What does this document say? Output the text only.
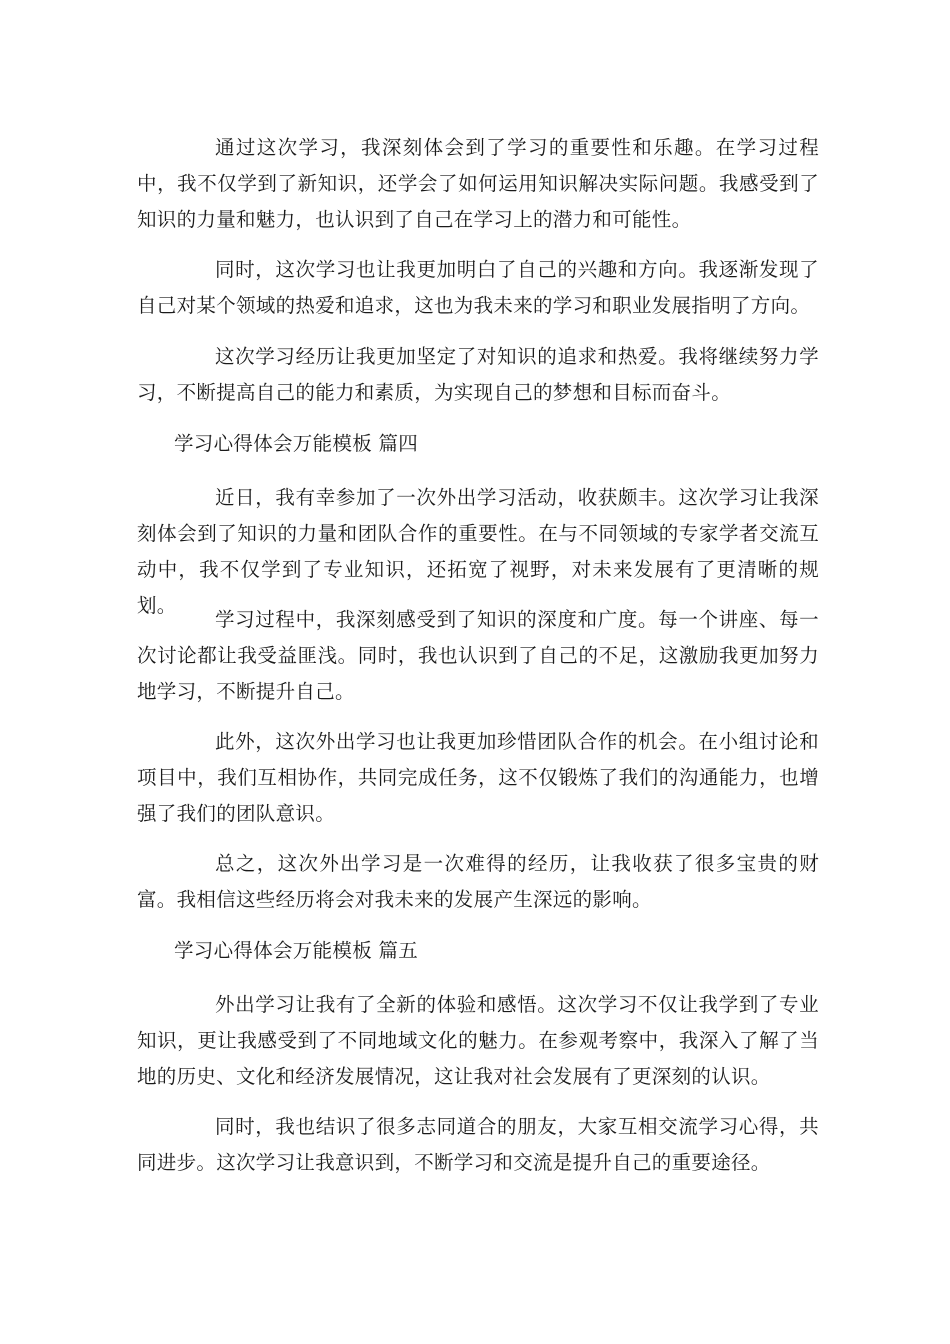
通过这次学习，我深刻体会到了学习的重要性和乐趣。在学习过程中，我不仅学到了新知识，还学会了如何运用知识解决实际问题。我感受到了知识的力量和魅力，也认识到了自己在学习上的潜力和可能性。

同时，这次学习也让我更加明白了自己的兴趣和方向。我逐渐发现了自己对某个领域的热爱和追求，这也为我未来的学习和职业发展指明了方向。

这次学习经历让我更加坚定了对知识的追求和热爱。我将继续努力学习，不断提高自己的能力和素质，为实现自己的梦想和目标而奋斗。

学习心得体会万能模板 篇四

近日，我有幸参加了一次外出学习活动，收获颇丰。这次学习让我深刻体会到了知识的力量和团队合作的重要性。在与不同领域的专家学者交流互动中，我不仅学到了专业知识，还拓宽了视野，对未来发展有了更清晰的规划。

学习过程中，我深刻感受到了知识的深度和广度。每一个讲座、每一次讨论都让我受益匪浅。同时，我也认识到了自己的不足，这激励我更加努力地学习，不断提升自己。

此外，这次外出学习也让我更加珍惜团队合作的机会。在小组讨论和项目中，我们互相协作，共同完成任务，这不仅锻炼了我们的沟通能力，也增强了我们的团队意识。

总之，这次外出学习是一次难得的经历，让我收获了很多宝贵的财富。我相信这些经历将会对我未来的发展产生深远的影响。

学习心得体会万能模板 篇五

外出学习让我有了全新的体验和感悟。这次学习不仅让我学到了专业知识，更让我感受到了不同地域文化的魅力。在参观考察中，我深入了解了当地的历史、文化和经济发展情况，这让我对社会发展有了更深刻的认识。

同时，我也结识了很多志同道合的朋友，大家互相交流学习心得，共同进步。这次学习让我意识到，不断学习和交流是提升自己的重要途径。
